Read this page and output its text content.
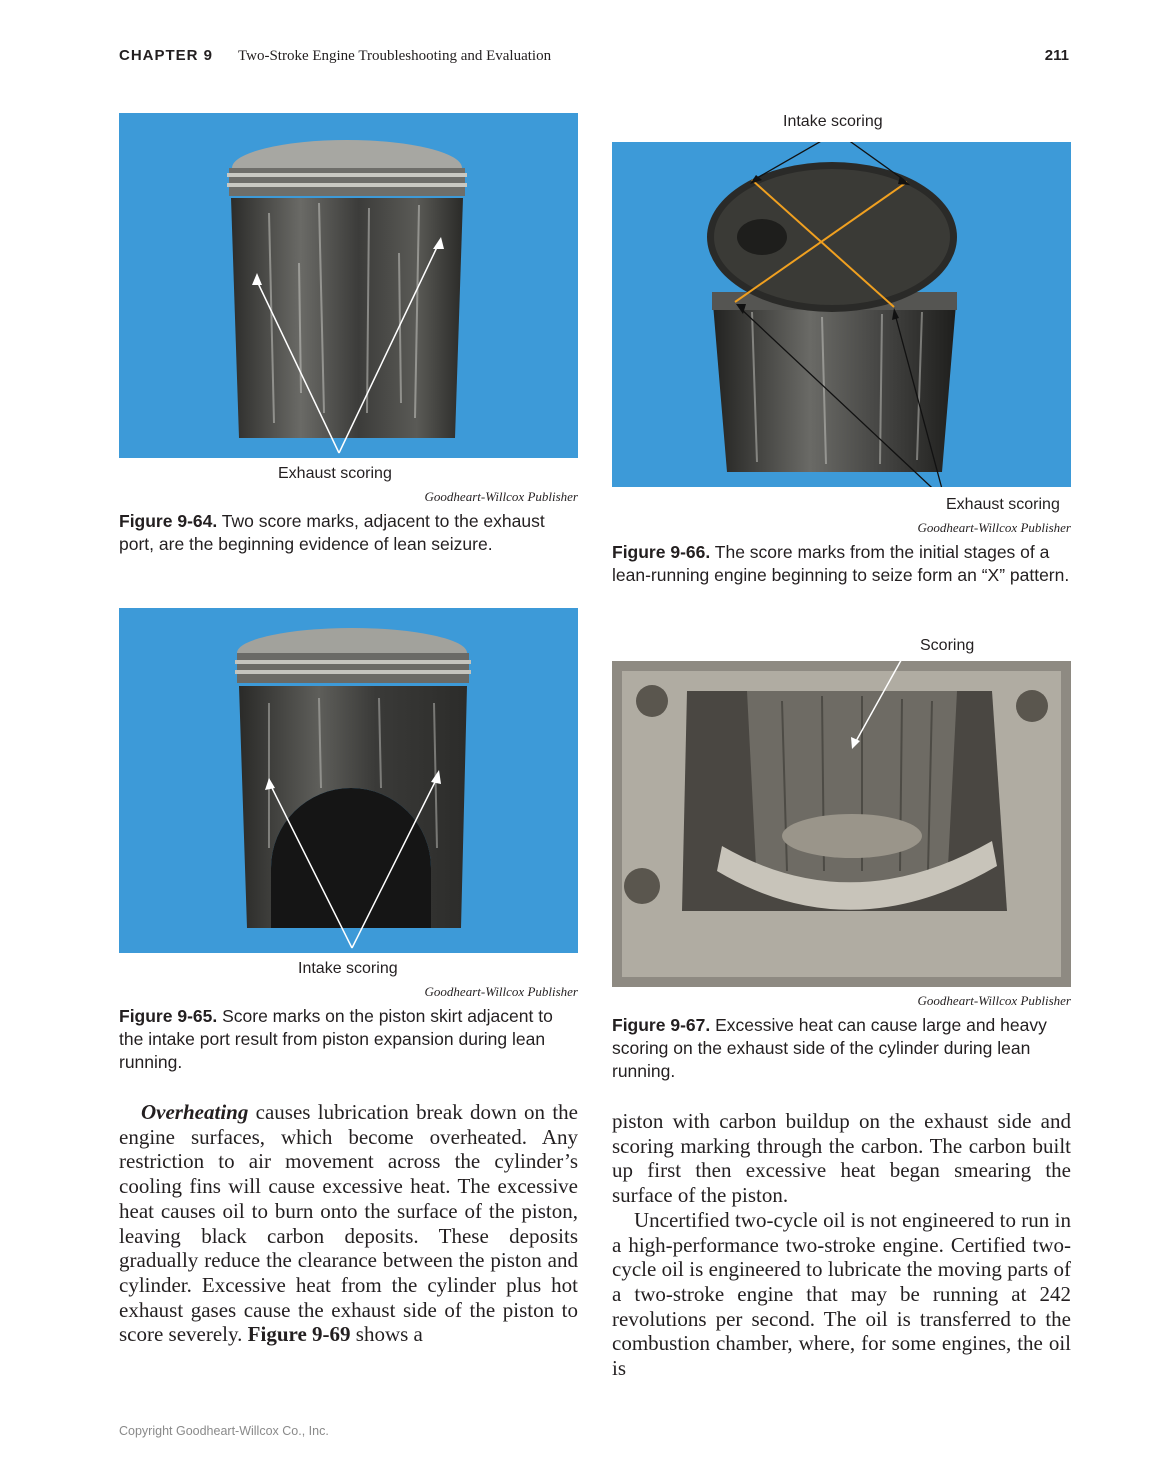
CHAPTER 9 Two-Stroke Engine Troubleshooting and Evaluation	211
Exhaust scoring
Goodheart-Willcox Publisher
Figure 9-64. Two score marks, adjacent to the exhaust port, are the beginning evidence of lean seizure.
Intake scoring
Goodheart-Willcox Publisher
Figure 9-65. Score marks on the piston skirt adjacent to the intake port result from piston expansion during lean running.
Intake scoring
Exhaust scoring
Goodheart-Willcox Publisher
Figure 9-66. The score marks from the initial stages of a lean-running engine beginning to seize form an “X” pattern.
Scoring
Goodheart-Willcox Publisher
Figure 9-67. Excessive heat can cause large and heavy scoring on the exhaust side of the cylinder during lean running.

Overheating causes lubrication break down on the engine surfaces, which become overheated. Any restriction to air movement across the cylinder’s cooling fins will cause excessive heat. The excessive heat causes oil to burn onto the surface of the piston, leaving black carbon deposits. These deposits gradually reduce the clearance between the piston and cylinder. Excessive heat from the cylinder plus hot exhaust gases cause the exhaust side of the piston to score severely. Figure 9-69 shows a

piston with carbon buildup on the exhaust side and scoring marking through the carbon. The carbon built up first then excessive heat began smearing the surface of the piston.

Uncertified two-cycle oil is not engineered to run in a high-performance two-stroke engine. Certified two-cycle oil is engineered to lubricate the moving parts of a two-stroke engine that may be running at 242 revolutions per second. The oil is transferred to the combustion chamber, where, for some engines, the oil is

Copyright Goodheart-Willcox Co., Inc.
